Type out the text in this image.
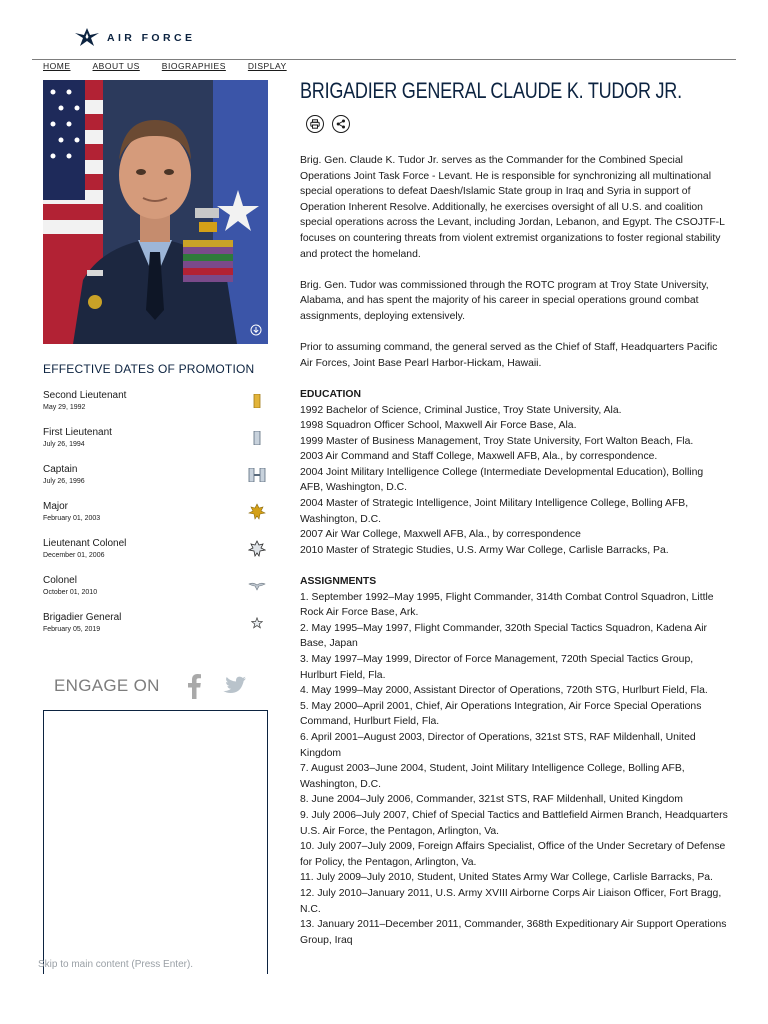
AIR FORCE
HOME	ABOUT US	BIOGRAPHIES	DISPLAY
EFFECTIVE DATES OF PROMOTION
Second Lieutenant
May 29, 1992
First Lieutenant
July 26, 1994
Captain
July 26, 1996
Major
February 01, 2003
Lieutenant Colonel
December 01, 2006
Colonel
October 01, 2010
Brigadier General
February 05, 2019
ENGAGE ON
Skip to main content (Press Enter).
BRIGADIER GENERAL CLAUDE K. TUDOR JR.

Brig. Gen. Claude K. Tudor Jr. serves as the Commander for the Combined Special Operations Joint Task Force - Levant. He is responsible for synchronizing all multinational special operations to defeat Daesh/Islamic State group in Iraq and Syria in support of Operation Inherent Resolve. Additionally, he exercises oversight of all U.S. and coalition special operations across the Levant, including Jordan, Lebanon, and Egypt. The CSOJTF-L focuses on countering threats from violent extremist organizations to foster regional stability and protect the homeland.

Brig. Gen. Tudor was commissioned through the ROTC program at Troy State University, Alabama, and has spent the majority of his career in special operations ground combat assignments, deploying extensively.

Prior to assuming command, the general served as the Chief of Staff, Headquarters Pacific Air Forces, Joint Base Pearl Harbor-Hickam, Hawaii.

EDUCATION
1992 Bachelor of Science, Criminal Justice, Troy State University, Ala.
1998 Squadron Officer School, Maxwell Air Force Base, Ala.
1999 Master of Business Management, Troy State University, Fort Walton Beach, Fla.
2003 Air Command and Staff College, Maxwell AFB, Ala., by correspondence.
2004 Joint Military Intelligence College (Intermediate Developmental Education), Bolling AFB, Washington, D.C.
2004 Master of Strategic Intelligence, Joint Military Intelligence College, Bolling AFB, Washington, D.C.
2007 Air War College, Maxwell AFB, Ala., by correspondence
2010 Master of Strategic Studies, U.S. Army War College, Carlisle Barracks, Pa.
ASSIGNMENTS
1. September 1992–May 1995, Flight Commander, 314th Combat Control Squadron, Little Rock Air Force Base, Ark.
2. May 1995–May 1997, Flight Commander, 320th Special Tactics Squadron, Kadena Air Base, Japan
3. May 1997–May 1999, Director of Force Management, 720th Special Tactics Group, Hurlburt Field, Fla.
4. May 1999–May 2000, Assistant Director of Operations, 720th STG, Hurlburt Field, Fla.
5. May 2000–April 2001, Chief, Air Operations Integration, Air Force Special Operations Command, Hurlburt Field, Fla.
6. April 2001–August 2003, Director of Operations, 321st STS, RAF Mildenhall, United Kingdom
7. August 2003–June 2004, Student, Joint Military Intelligence College, Bolling AFB, Washington, D.C.
8. June 2004–July 2006, Commander, 321st STS, RAF Mildenhall, United Kingdom
9. July 2006–July 2007, Chief of Special Tactics and Battlefield Airmen Branch, Headquarters U.S. Air Force, the Pentagon, Arlington, Va.
10. July 2007–July 2009, Foreign Affairs Specialist, Office of the Under Secretary of Defense for Policy, the Pentagon, Arlington, Va.
11. July 2009–July 2010, Student, United States Army War College, Carlisle Barracks, Pa.
12. July 2010–January 2011, U.S. Army XVIII Airborne Corps Air Liaison Officer, Fort Bragg, N.C.
13. January 2011–December 2011, Commander, 368th Expeditionary Air Support Operations Group, Iraq
